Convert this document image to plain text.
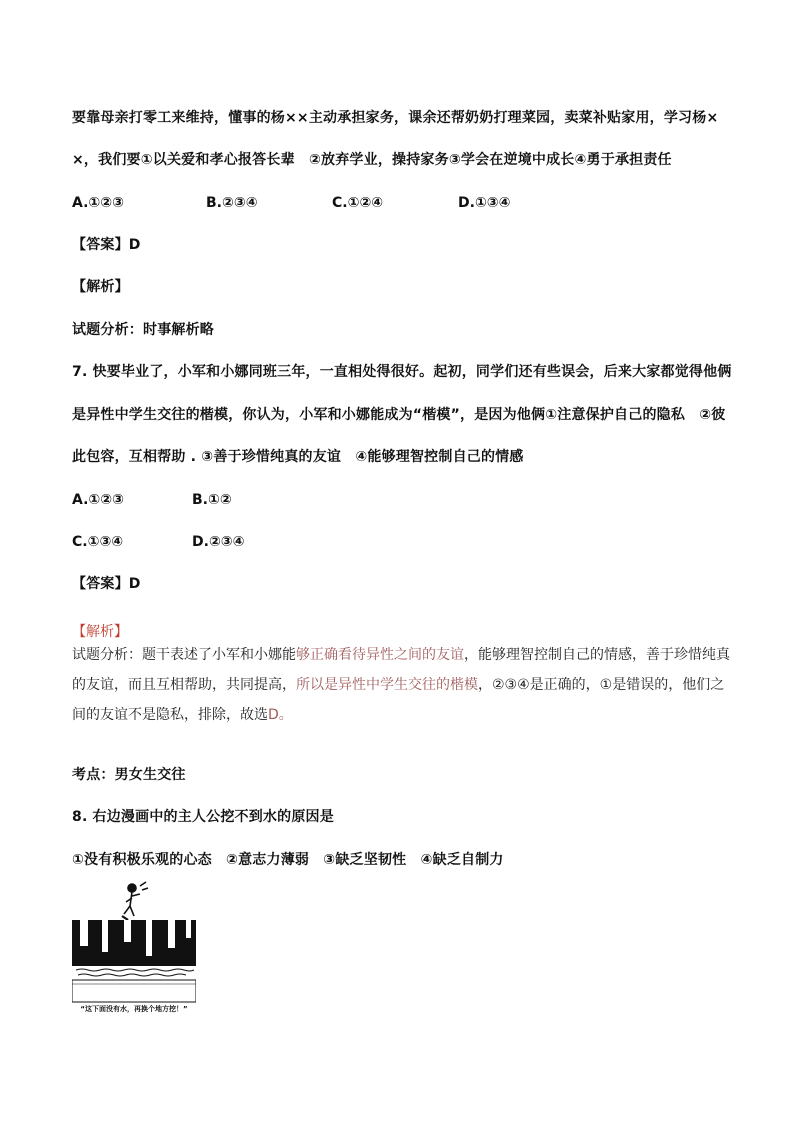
要靠母亲打零工来维持，懂事的杨××主动承担家务，课余还帮奶奶打理菜园，卖菜补贴家用，学习杨×
×，我们要①以关爱和孝心报答长辈　②放弃学业，操持家务③学会在逆境中成长④勇于承担责任
A.①②③	B.②③④	C.①②④	D.①③④
【答案】D
【解析】
试题分析：时事解析略
7. 快要毕业了，小军和小娜同班三年，一直相处得很好。起初，同学们还有些误会，后来大家都觉得他俩
是异性中学生交往的楷模，你认为，小军和小娜能成为“楷模”，是因为他俩①注意保护自己的隐私　②彼
此包容，互相帮助 . ③善于珍惜纯真的友谊　④能够理智控制自己的情感
A.①②③	B.①②
C.①③④	D.②③④
【答案】D
【解析】
试题分析：题干表述了小军和小娜能够正确看待异性之间的友谊，能够理智控制自己的情感，善于珍惜纯真的友谊，而且互相帮助，共同提高，所以是异性中学生交往的楷模，②③④是正确的，①是错误的，他们之间的友谊不是隐私，排除，故选D。
考点：男女生交往
8. 右边漫画中的主人公挖不到水的原因是
①没有积极乐观的心态　②意志力薄弱　③缺乏坚韧性　④缺乏自制力
“这下面没有水，再换个地方挖！”
